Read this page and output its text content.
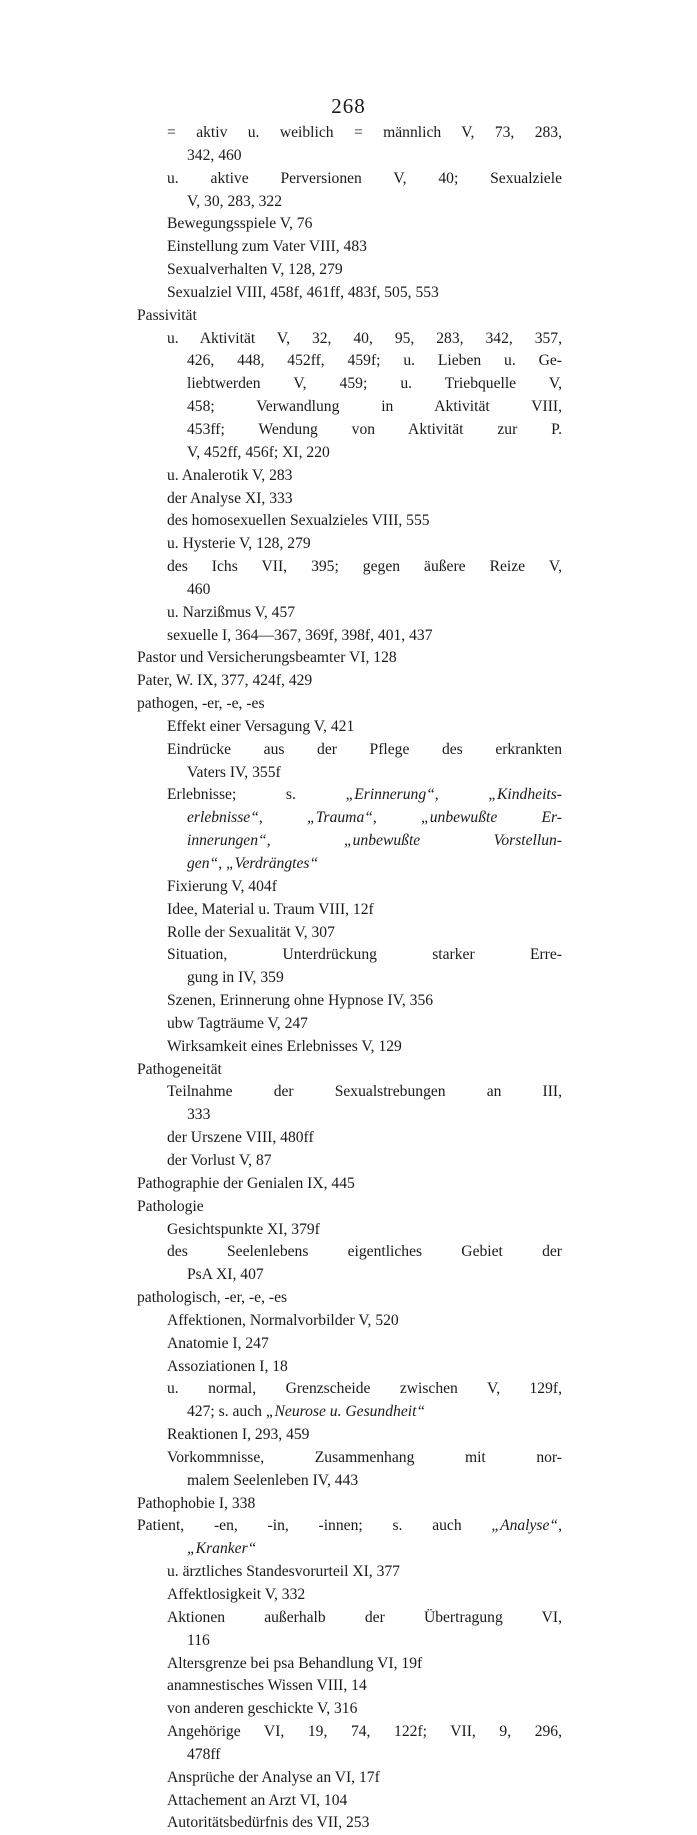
268
= aktiv u. weiblich = männlich V, 73, 283,
342, 460
u. aktive Perversionen V, 40; Sexualziele
V, 30, 283, 322
Bewegungsspiele V, 76
Einstellung zum Vater VIII, 483
Sexualverhalten V, 128, 279
Sexualziel VIII, 458f, 461ff, 483f, 505, 553
Passivität
u. Aktivität V, 32, 40, 95, 283, 342, 357,
426, 448, 452ff, 459f; u. Lieben u. Ge-
liebtwerden V, 459; u. Triebquelle V,
458; Verwandlung in Aktivität VIII,
453ff; Wendung von Aktivität zur P.
V, 452ff, 456f; XI, 220
u. Analerotik V, 283
der Analyse XI, 333
des homosexuellen Sexualzieles VIII, 555
u. Hysterie V, 128, 279
des Ichs VII, 395; gegen äußere Reize V,
460
u. Narzißmus V, 457
sexuelle I, 364—367, 369f, 398f, 401, 437
Pastor und Versicherungsbeamter VI, 128
Pater, W. IX, 377, 424f, 429
pathogen, -er, -e, -es
Effekt einer Versagung V, 421
Eindrücke aus der Pflege des erkrankten
Vaters IV, 355f
Erlebnisse; s. „Erinnerung“, „Kindheits-
erlebnisse“, „Trauma“, „unbewußte Er-
innerungen“, „unbewußte Vorstellun-
gen“, „Verdrängtes“
Fixierung V, 404f
Idee, Material u. Traum VIII, 12f
Rolle der Sexualität V, 307
Situation, Unterdrückung starker Erre-
gung in IV, 359
Szenen, Erinnerung ohne Hypnose IV, 356
ubw Tagträume V, 247
Wirksamkeit eines Erlebnisses V, 129
Pathogeneität
Teilnahme der Sexualstrebungen an III,
333
der Urszene VIII, 480ff
der Vorlust V, 87
Pathographie der Genialen IX, 445
Pathologie
Gesichtspunkte XI, 379f
des Seelenlebens eigentliches Gebiet der
PsA XI, 407
pathologisch, -er, -e, -es
Affektionen, Normalvorbilder V, 520
Anatomie I, 247
Assoziationen I, 18
u. normal, Grenzscheide zwischen V, 129f,
427; s. auch „Neurose u. Gesundheit“
Reaktionen I, 293, 459
Vorkommnisse, Zusammenhang mit nor-
malem Seelenleben IV, 443
Pathophobie I, 338
Patient, -en, -in, -innen; s. auch „Analyse“,
„Kranker“
u. ärztliches Standesvorurteil XI, 377
Affektlosigkeit V, 332
Aktionen außerhalb der Übertragung VI,
116
Altersgrenze bei psa Behandlung VI, 19f
anamnestisches Wissen VIII, 14
von anderen geschickte V, 316
Angehörige VI, 19, 74, 122f; VII, 9, 296,
478ff
Ansprüche der Analyse an VI, 17f
Attachement an Arzt VI, 104
Autoritätsbedürfnis des VII, 253
